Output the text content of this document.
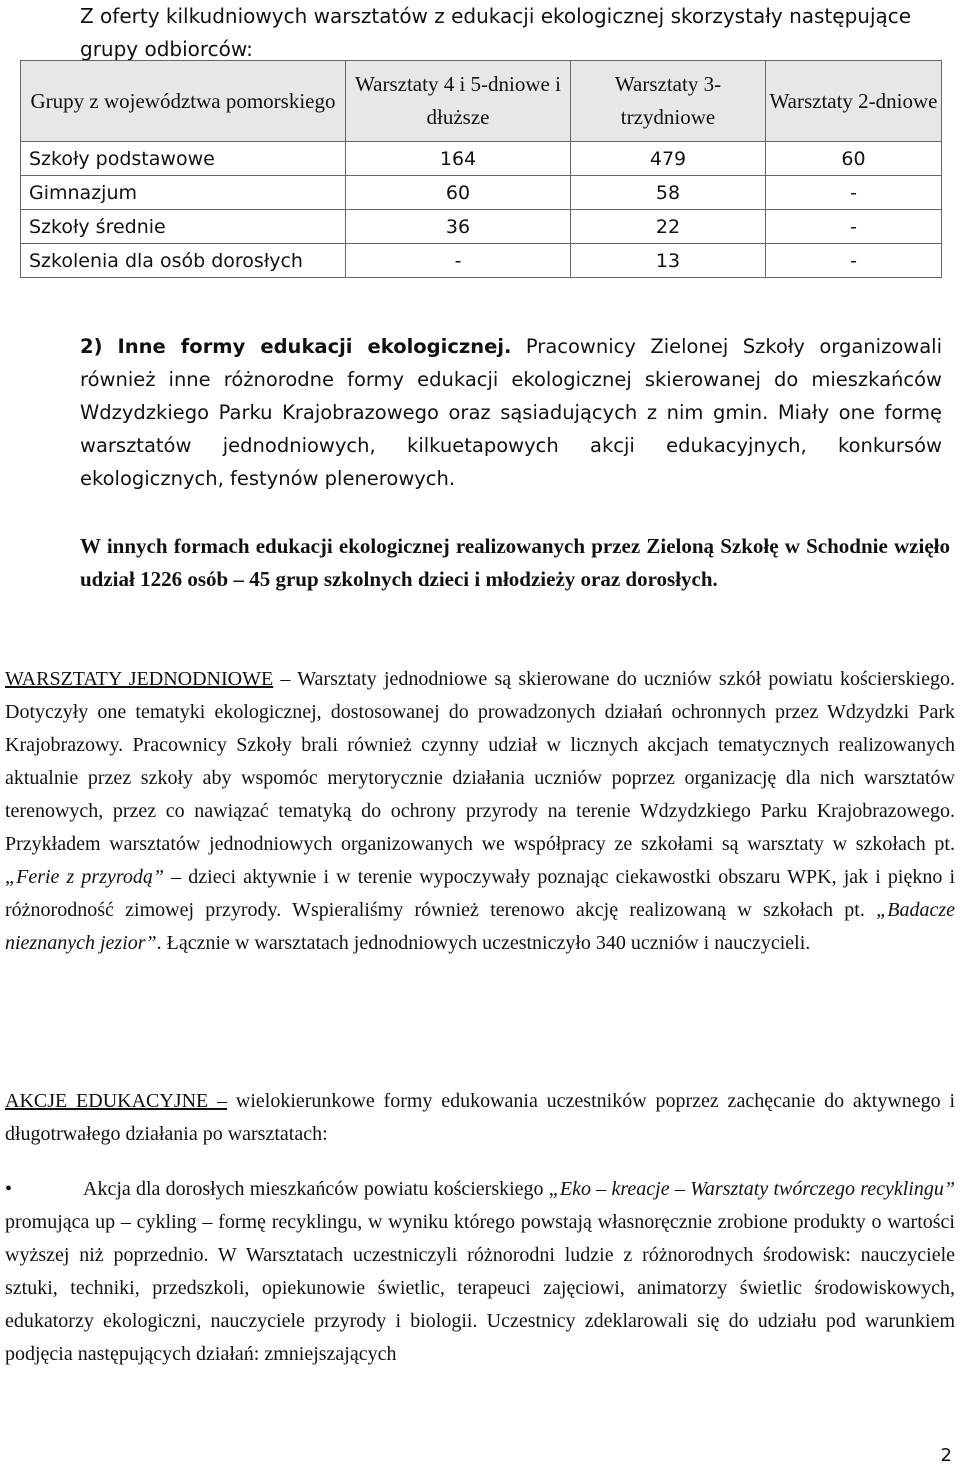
Z oferty kilkudniowych warsztatów z edukacji ekologicznej skorzystały następujące grupy odbiorców:
Grupy z województwa pomorskiego	Warsztaty 4 i 5-dniowe i dłuższe	Warsztaty 3-trzydniowe	Warsztaty 2-dniowe
Szkoły podstawowe	164	479	60
Gimnazjum	60	58	-
Szkoły średnie	36	22	-
Szkolenia dla osób dorosłych	-	13	-
2) Inne formy edukacji ekologicznej. Pracownicy Zielonej Szkoły organizowali również inne różnorodne formy edukacji ekologicznej skierowanej do mieszkańców Wdzydzkiego Parku Krajobrazowego oraz sąsiadujących z nim gmin. Miały one formę warsztatów jednodniowych, kilkuetapowych akcji edukacyjnych, konkursów ekologicznych, festynów plenerowych.
W innych formach edukacji ekologicznej realizowanych przez Zieloną Szkołę w Schodnie wzięło udział 1226 osób – 45 grup szkolnych dzieci i młodzieży oraz dorosłych.
WARSZTATY JEDNODNIOWE – Warsztaty jednodniowe są skierowane do uczniów szkół powiatu kościerskiego. Dotyczyły one tematyki ekologicznej, dostosowanej do prowadzonych działań ochronnych przez Wdzydzki Park Krajobrazowy. Pracownicy Szkoły brali również czynny udział w licznych akcjach tematycznych realizowanych aktualnie przez szkoły aby wspomóc merytorycznie działania uczniów poprzez organizację dla nich warsztatów terenowych, przez co nawiązać tematyką do ochrony przyrody na terenie Wdzydzkiego Parku Krajobrazowego. Przykładem warsztatów jednodniowych organizowanych we współpracy ze szkołami są warsztaty w szkołach pt. „Ferie z przyrodą” – dzieci aktywnie i w terenie wypoczywały poznając ciekawostki obszaru WPK, jak i piękno i różnorodność zimowej przyrody. Wspieraliśmy również terenowo akcję realizowaną w szkołach pt. „Badacze nieznanych jezior”. Łącznie w warsztatach jednodniowych uczestniczyło 340 uczniów i nauczycieli.
AKCJE EDUKACYJNE – wielokierunkowe formy edukowania uczestników poprzez zachęcanie do aktywnego i długotrwałego działania po warsztatach:
•	Akcja dla dorosłych mieszkańców powiatu kościerskiego „Eko – kreacje – Warsztaty twórczego recyklingu” promująca up – cykling – formę recyklingu, w wyniku którego powstają własnoręcznie zrobione produkty o wartości wyższej niż poprzednio. W Warsztatach uczestniczyli różnorodni ludzie z różnorodnych środowisk: nauczyciele sztuki, techniki, przedszkoli, opiekunowie świetlic, terapeuci zajęciowi, animatorzy świetlic środowiskowych, edukatorzy ekologiczni, nauczyciele przyrody i biologii. Uczestnicy zdeklarowali się do udziału pod warunkiem podjęcia następujących działań: zmniejszających
2
